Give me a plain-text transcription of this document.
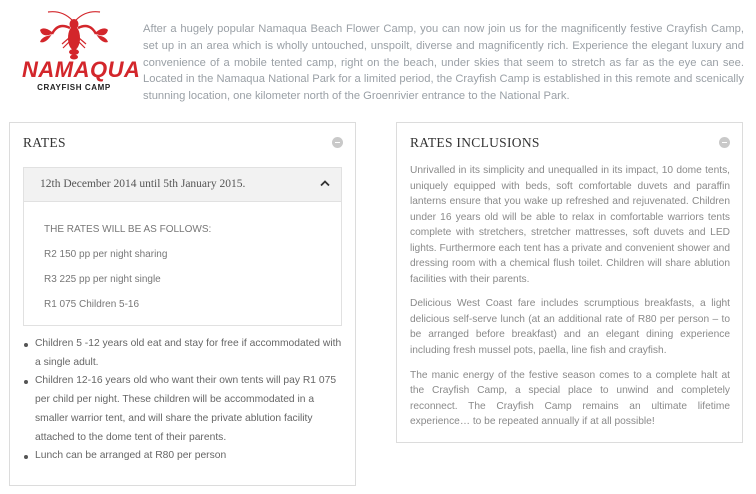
NAMAQUA
CRAYFISH CAMP

After a hugely popular Namaqua Beach Flower Camp, you can now join us for the magnificently festive Crayfish Camp, set up in an area which is wholly untouched, unspoilt, diverse and magnificently rich. Experience the elegant luxury and convenience of a mobile tented camp, right on the beach, under skies that seem to stretch as far as the eye can see. Located in the Namaqua National Park for a limited period, the Crayfish Camp is established in this remote and scenically stunning location, one kilometer north of the Groenrivier entrance to the National Park.

RATES
12th December 2014 until 5th January 2015.
THE RATES WILL BE AS FOLLOWS:
R2 150 pp per night sharing
R3 225 pp per night single
R1 075 Children 5-16
Children 5 -12 years old eat and stay for free if accommodated with a single adult.
Children 12-16 years old who want their own tents will pay R1 075 per child per night. These children will be accommodated in a smaller warrior tent, and will share the private ablution facility attached to the dome tent of their parents.
Lunch can be arranged at R80 per person
RATES INCLUSIONS

Unrivalled in its simplicity and unequalled in its impact, 10 dome tents, uniquely equipped with beds, soft comfortable duvets and paraffin lanterns ensure that you wake up refreshed and rejuvenated. Children under 16 years old will be able to relax in comfortable warriors tents complete with stretchers, stretcher mattresses, soft duvets and LED lights. Furthermore each tent has a private and convenient shower and dressing room with a chemical flush toilet. Children will share ablution facilities with their parents.

Delicious West Coast fare includes scrumptious breakfasts, a light delicious self-serve lunch (at an additional rate of R80 per person – to be arranged before breakfast) and an elegant dining experience including fresh mussel pots, paella, line fish and crayfish.

The manic energy of the festive season comes to a complete halt at the Crayfish Camp, a special place to unwind and completely reconnect. The Crayfish Camp remains an ultimate lifetime experience… to be repeated annually if at all possible!
